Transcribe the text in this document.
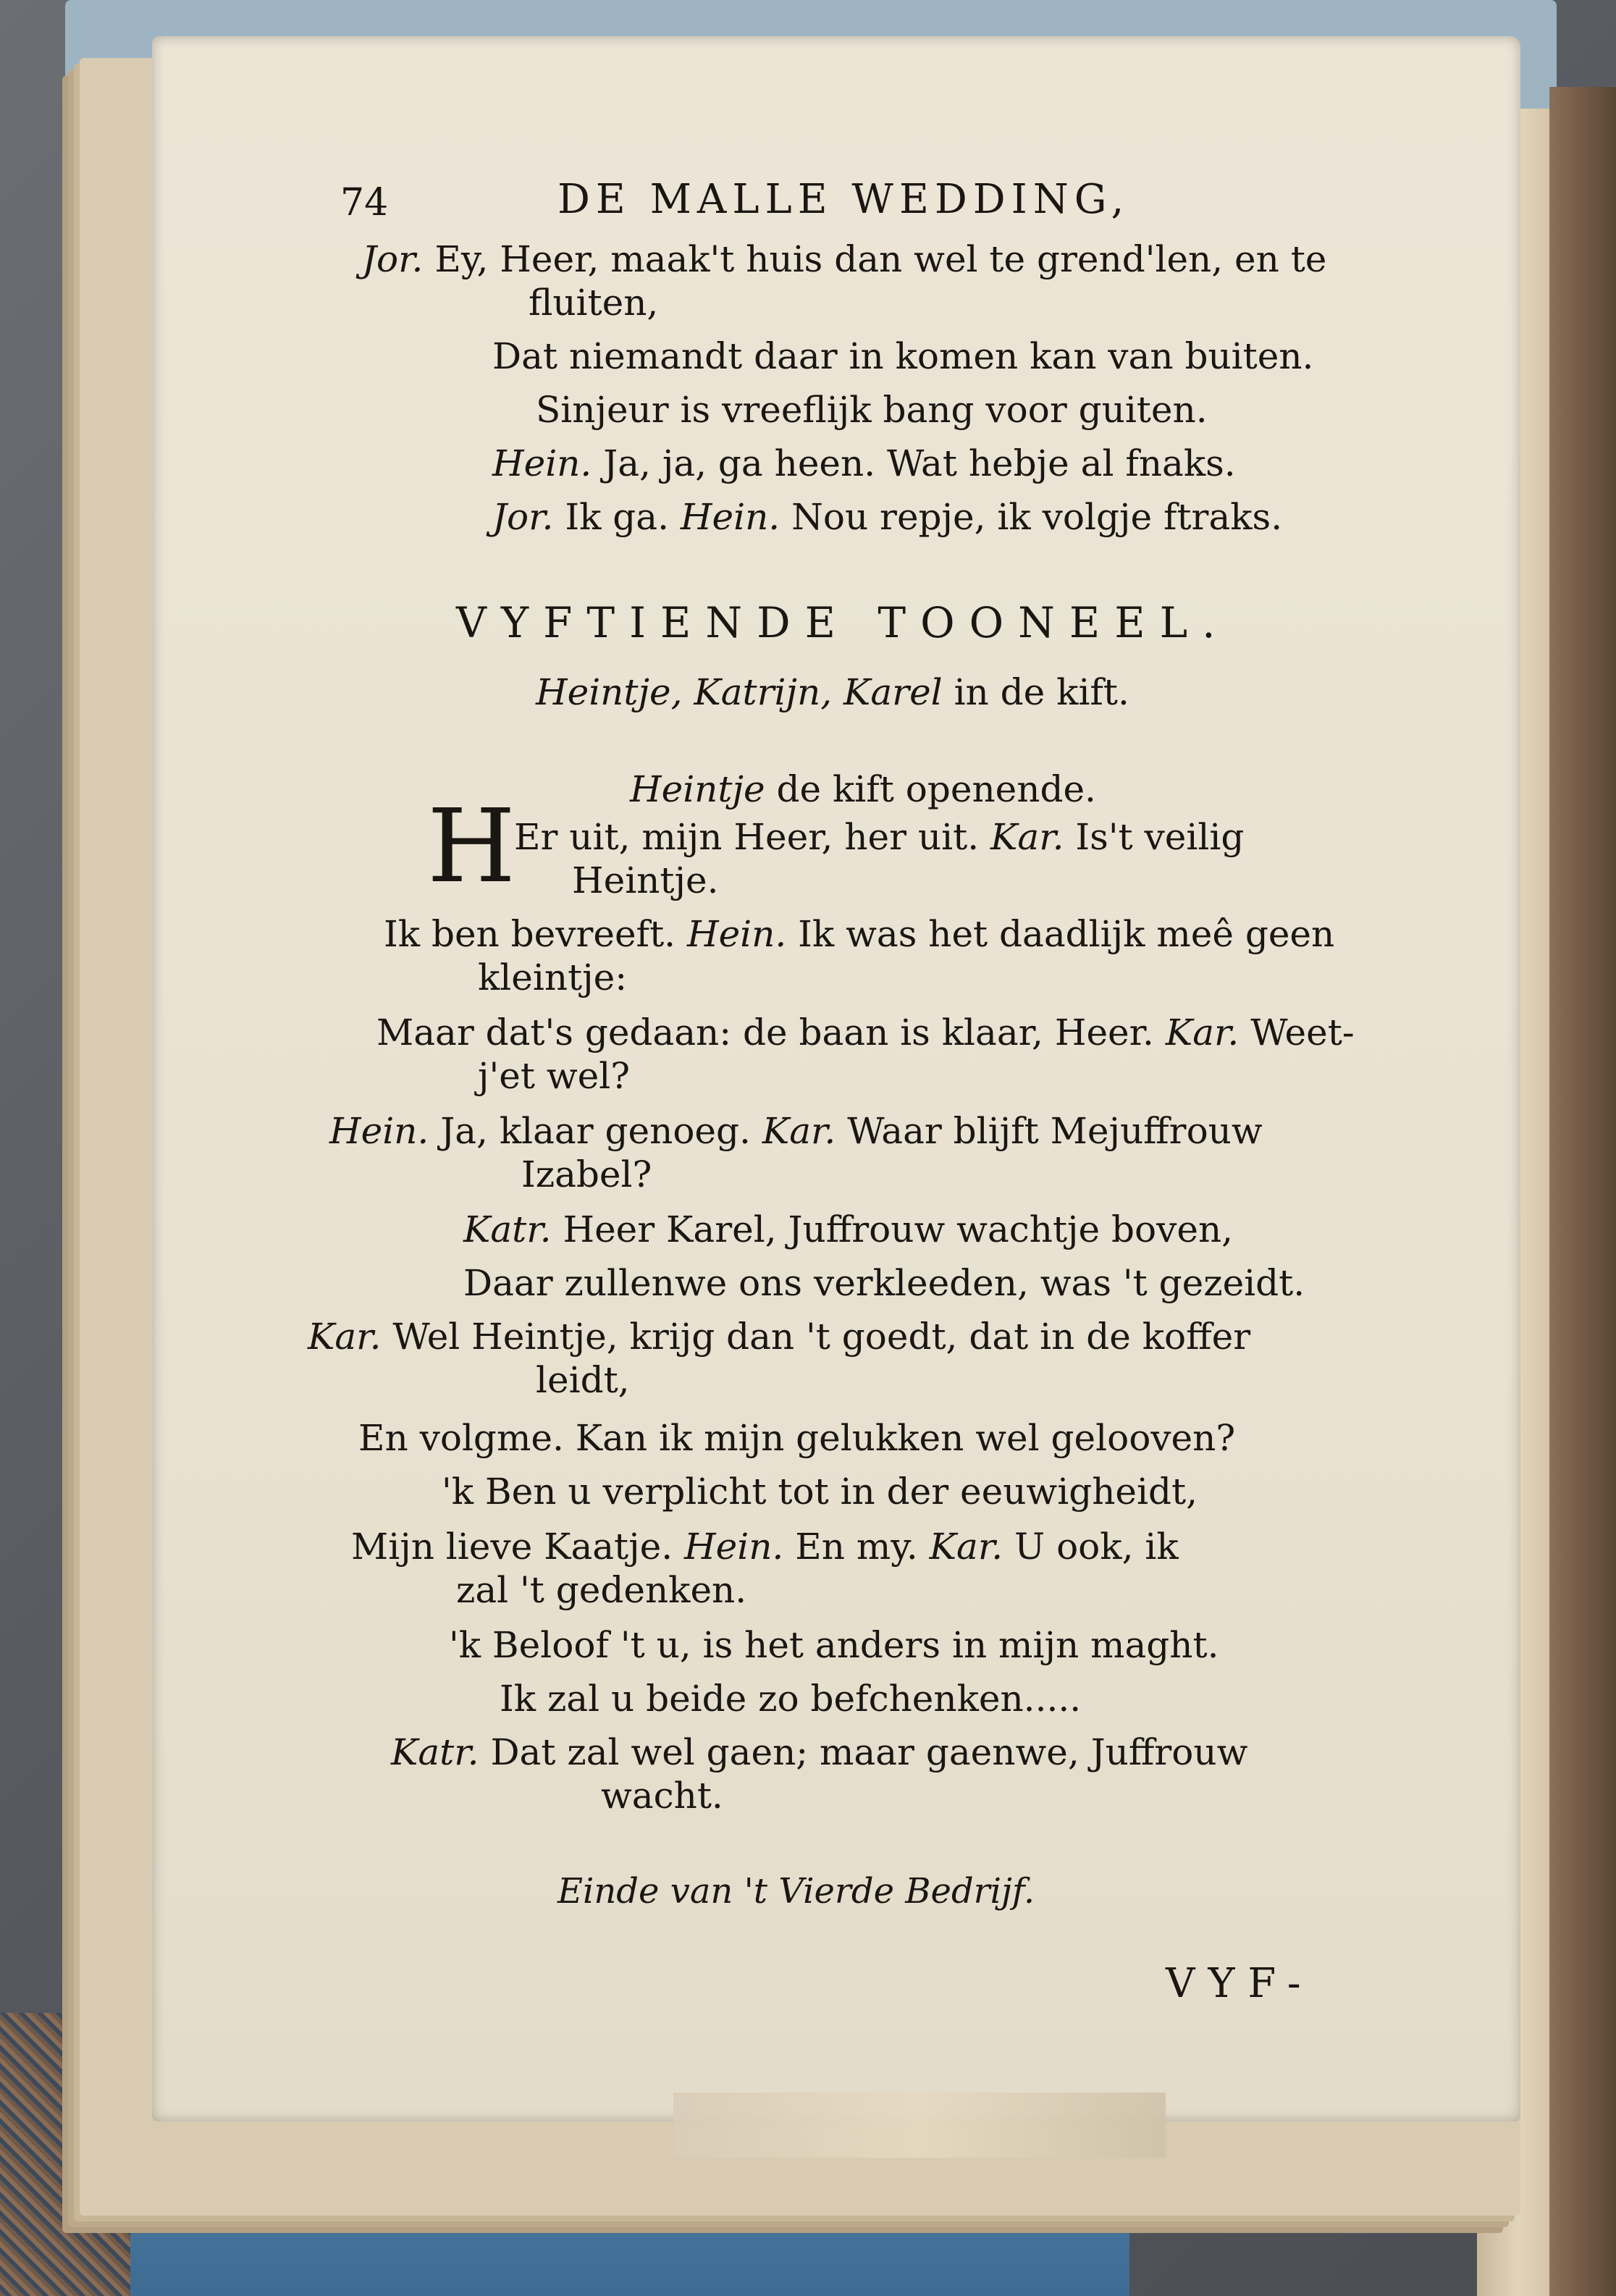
74	DE MALLE WEDDING,
Jor. Ey, Heer, maak't huis dan wel te grend'len, en te
fluiten,
Dat niemandt daar in komen kan van buiten.
Sinjeur is vreeflijk bang voor guiten.
Hein. Ja, ja, ga heen. Wat hebje al fnaks.
Jor. Ik ga. Hein. Nou repje, ik volgje ftraks.
VYFTIENDE TOONEEL.
Heintje, Katrijn, Karel in de kift.
Heintje de kift openende.
H
Er uit, mijn Heer, her uit. Kar. Is't veilig
Heintje.
Ik ben bevreeft. Hein. Ik was het daadlijk meê geen
kleintje:
Maar dat's gedaan: de baan is klaar, Heer. Kar. Weet-
j'et wel?
Hein. Ja, klaar genoeg. Kar. Waar blijft Mejuffrouw
Izabel?
Katr. Heer Karel, Juffrouw wachtje boven,
Daar zullenwe ons verkleeden, was 't gezeidt.
Kar. Wel Heintje, krijg dan 't goedt, dat in de koffer
leidt,
En volgme. Kan ik mijn gelukken wel gelooven?
'k Ben u verplicht tot in der eeuwigheidt,
Mijn lieve Kaatje. Hein. En my. Kar. U ook, ik
zal 't gedenken.
'k Beloof 't u, is het anders in mijn maght.
Ik zal u beide zo befchenken.....
Katr. Dat zal wel gaen; maar gaenwe, Juffrouw
wacht.
Einde van 't Vierde Bedrijf.
VYF-
